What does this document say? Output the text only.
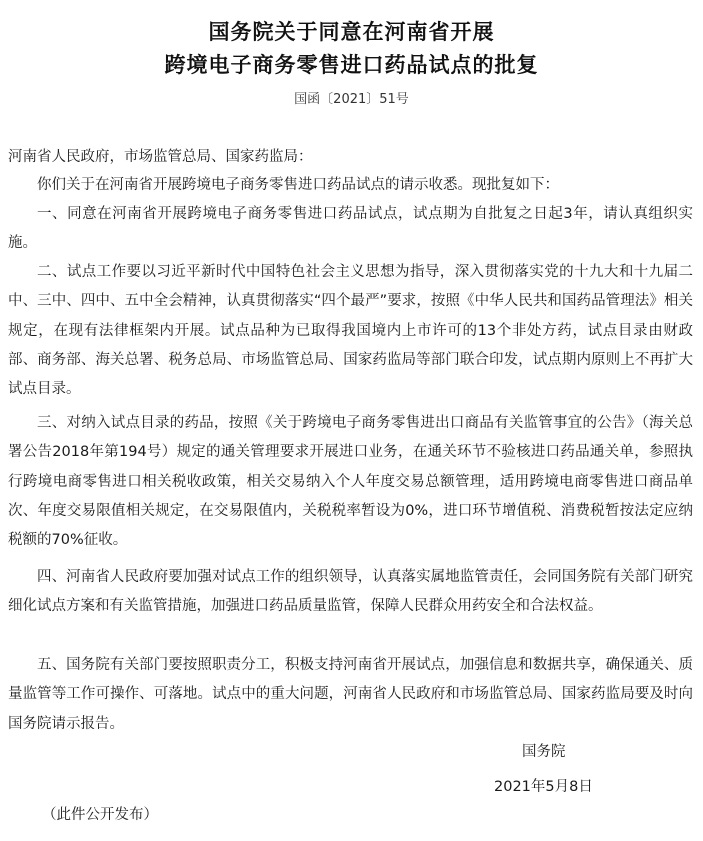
国务院关于同意在河南省开展
跨境电子商务零售进口药品试点的批复
国函〔2021〕51号
河南省人民政府，市场监管总局、国家药监局：

你们关于在河南省开展跨境电子商务零售进口药品试点的请示收悉。现批复如下：

一、同意在河南省开展跨境电子商务零售进口药品试点，试点期为自批复之日起3年，请认真组织实施。

二、试点工作要以习近平新时代中国特色社会主义思想为指导，深入贯彻落实党的十九大和十九届二中、三中、四中、五中全会精神，认真贯彻落实“四个最严”要求，按照《中华人民共和国药品管理法》相关规定，在现有法律框架内开展。试点品种为已取得我国境内上市许可的13个非处方药，试点目录由财政部、商务部、海关总署、税务总局、市场监管总局、国家药监局等部门联合印发，试点期内原则上不再扩大试点目录。

三、对纳入试点目录的药品，按照《关于跨境电子商务零售进出口商品有关监管事宜的公告》（海关总署公告2018年第194号）规定的通关管理要求开展进口业务，在通关环节不验核进口药品通关单，参照执行跨境电商零售进口相关税收政策，相关交易纳入个人年度交易总额管理，适用跨境电商零售进口商品单次、年度交易限值相关规定，在交易限值内，关税税率暂设为0%，进口环节增值税、消费税暂按法定应纳税额的70%征收。

四、河南省人民政府要加强对试点工作的组织领导，认真落实属地监管责任，会同国务院有关部门研究细化试点方案和有关监管措施，加强进口药品质量监管，保障人民群众用药安全和合法权益。

五、国务院有关部门要按照职责分工，积极支持河南省开展试点，加强信息和数据共享，确保通关、质量监管等工作可操作、可落地。试点中的重大问题，河南省人民政府和市场监管总局、国家药监局要及时向国务院请示报告。

国务院
2021年5月8日
（此件公开发布）
